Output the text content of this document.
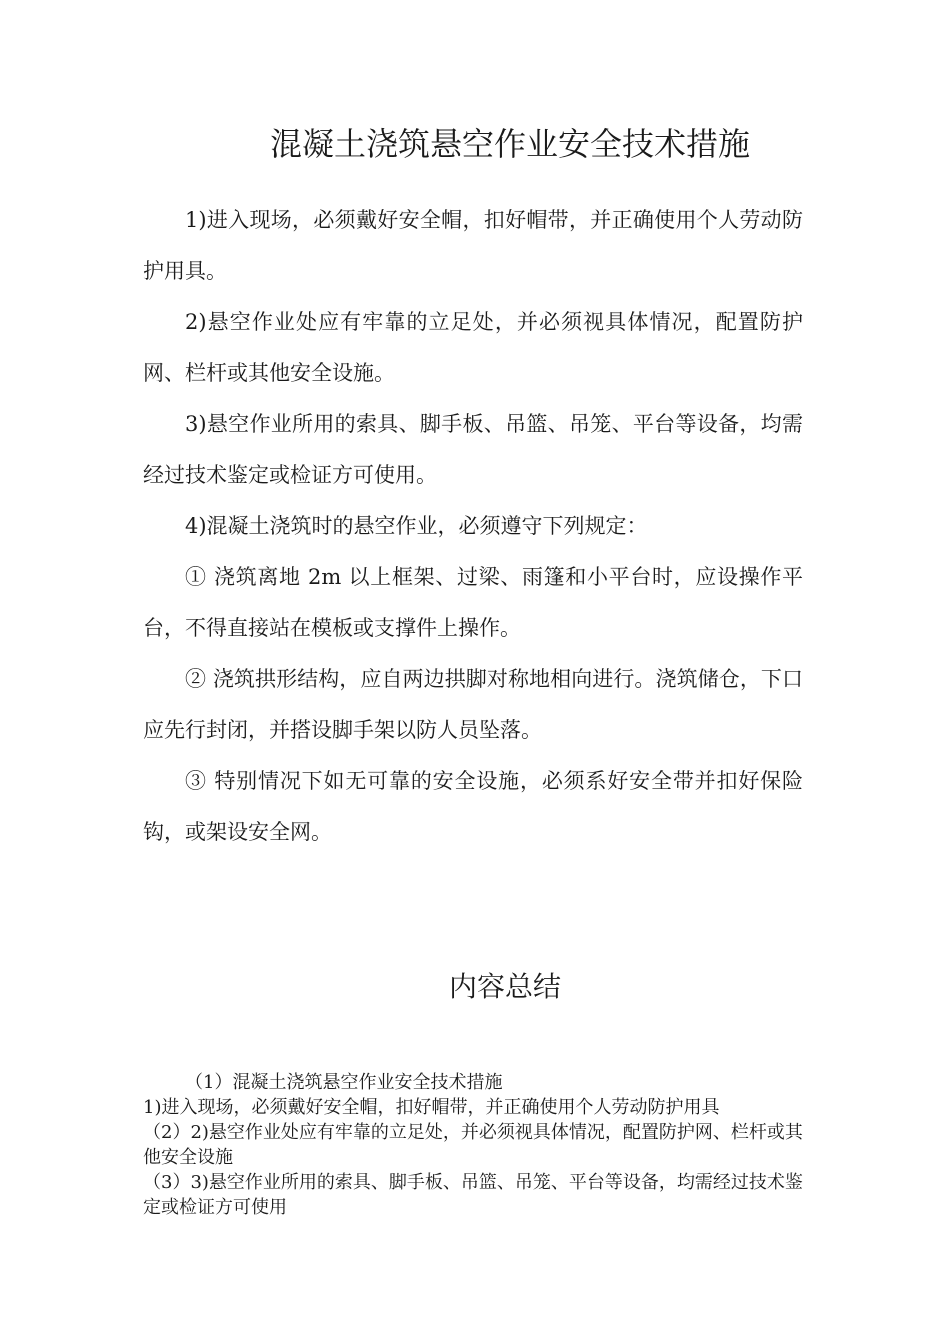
混凝土浇筑悬空作业安全技术措施

1)进入现场，必须戴好安全帽，扣好帽带，并正确使用个人劳动防护用具。

2)悬空作业处应有牢靠的立足处，并必须视具体情况，配置防护网、栏杆或其他安全设施。

3)悬空作业所用的索具、脚手板、吊篮、吊笼、平台等设备，均需经过技术鉴定或检证方可使用。

4)混凝土浇筑时的悬空作业，必须遵守下列规定：

① 浇筑离地 2m 以上框架、过梁、雨篷和小平台时，应设操作平台，不得直接站在模板或支撑件上操作。

② 浇筑拱形结构，应自两边拱脚对称地相向进行。浇筑储仓，下口应先行封闭，并搭设脚手架以防人员坠落。

③ 特别情况下如无可靠的安全设施，必须系好安全带并扣好保险钩，或架设安全网。

内容总结

（1）混凝土浇筑悬空作业安全技术措施

1)进入现场，必须戴好安全帽，扣好帽带，并正确使用个人劳动防护用具

（2）2)悬空作业处应有牢靠的立足处，并必须视具体情况，配置防护网、栏杆或其他安全设施

（3）3)悬空作业所用的索具、脚手板、吊篮、吊笼、平台等设备，均需经过技术鉴定或检证方可使用
